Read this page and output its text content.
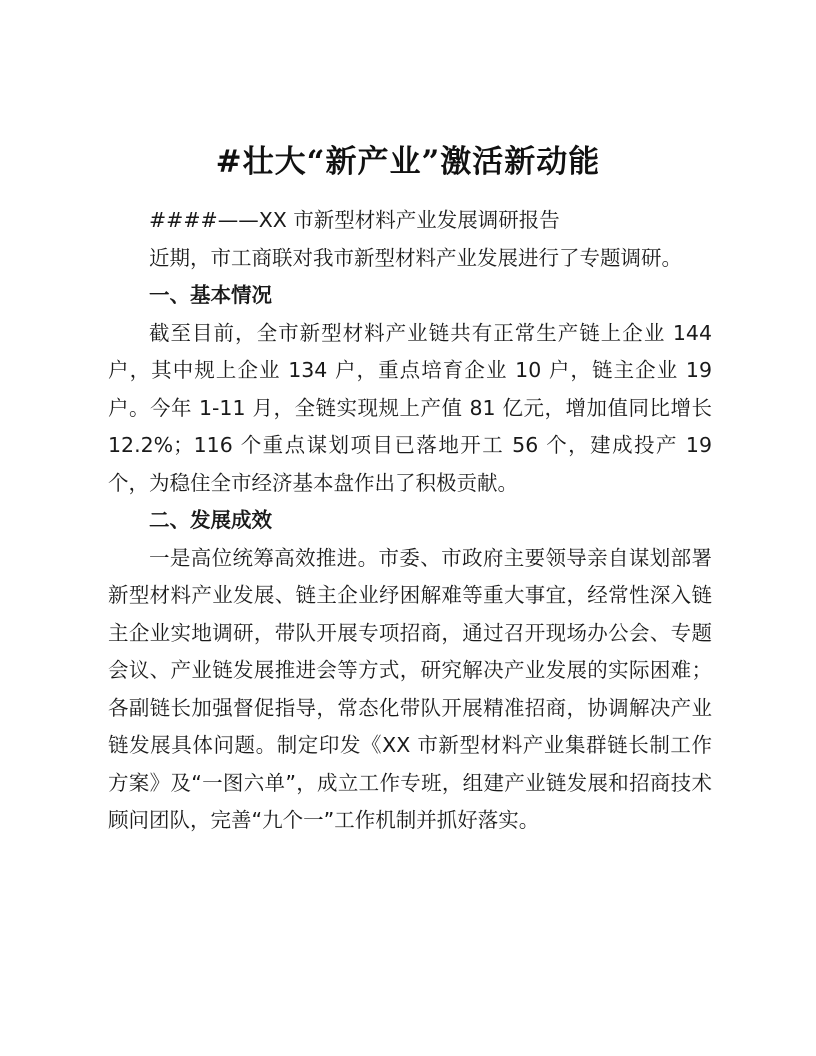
#壮大“新产业”激活新动能

####——XX 市新型材料产业发展调研报告

近期，市工商联对我市新型材料产业发展进行了专题调研。

一、基本情况

截至目前，全市新型材料产业链共有正常生产链上企业 144 户，其中规上企业 134 户，重点培育企业 10 户，链主企业 19 户。今年 1-11 月，全链实现规上产值 81 亿元，增加值同比增长 12.2%；116 个重点谋划项目已落地开工 56 个，建成投产 19 个，为稳住全市经济基本盘作出了积极贡献。

二、发展成效

一是高位统筹高效推进。市委、市政府主要领导亲自谋划部署新型材料产业发展、链主企业纾困解难等重大事宜，经常性深入链主企业实地调研，带队开展专项招商，通过召开现场办公会、专题会议、产业链发展推进会等方式，研究解决产业发展的实际困难；各副链长加强督促指导，常态化带队开展精准招商，协调解决产业链发展具体问题。制定印发《XX 市新型材料产业集群链长制工作方案》及“一图六单”，成立工作专班，组建产业链发展和招商技术顾问团队，完善“九个一”工作机制并抓好落实。
